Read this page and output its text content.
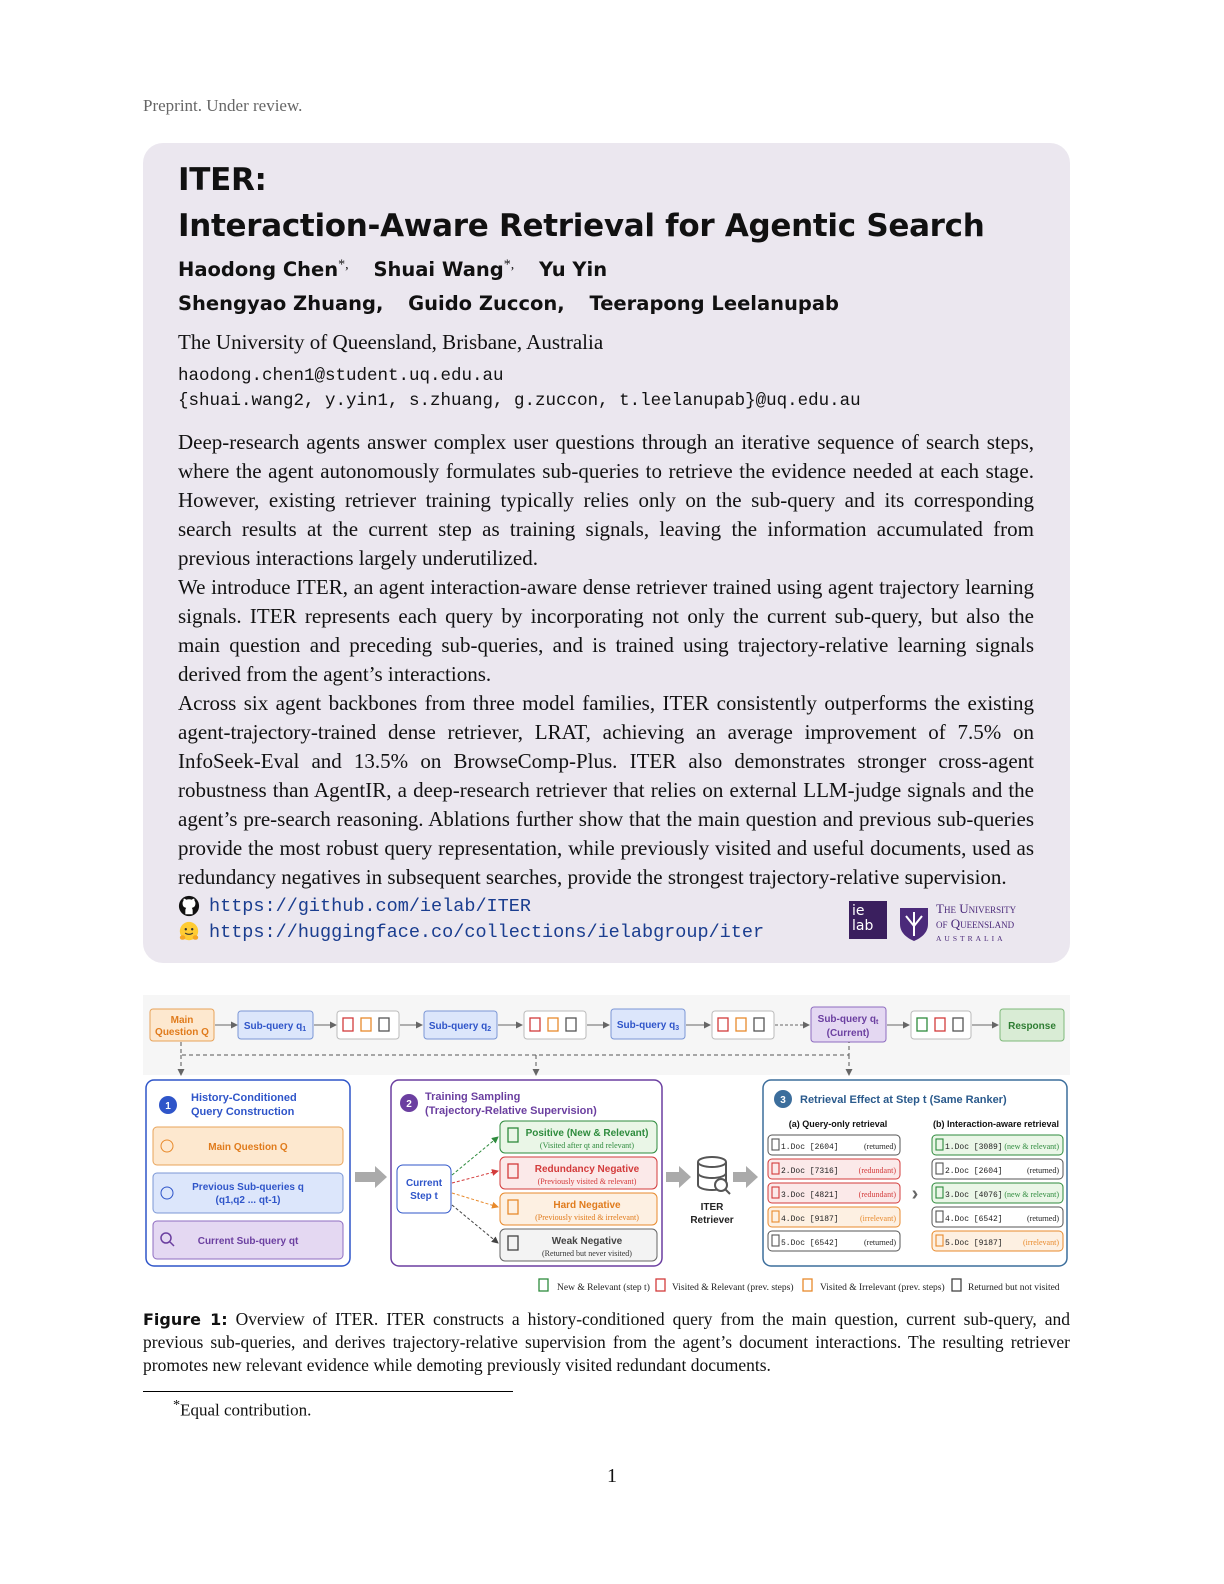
Preprint. Under review.
ITER:
Interaction-Aware Retrieval for Agentic Search
Haodong Chen*, Shuai Wang*, Yu Yin
Shengyao Zhuang, Guido Zuccon, Teerapong Leelanupab
The University of Queensland, Brisbane, Australia
haodong.chen1@student.uq.edu.au
{shuai.wang2, y.yin1, s.zhuang, g.zuccon, t.leelanupab}@uq.edu.au

Deep-research agents answer complex user questions through an iterative sequence of search steps, where the agent autonomously formulates sub-queries to retrieve the evidence needed at each stage. However, existing retriever training typically relies only on the sub-query and its corresponding search results at the current step as training signals, leaving the information accumulated from previous interactions largely underutilized.

We introduce ITER, an agent interaction-aware dense retriever trained using agent trajectory learning signals. ITER represents each query by incorporating not only the current sub-query, but also the main question and preceding sub-queries, and is trained using trajectory-relative learning signals derived from the agent’s interactions.

Across six agent backbones from three model families, ITER consistently outperforms the existing agent-trajectory-trained dense retriever, LRAT, achieving an average improvement of 7.5% on InfoSeek-Eval and 13.5% on BrowseComp-Plus. ITER also demonstrates stronger cross-agent robustness than AgentIR, a deep-research retriever that relies on external LLM-judge signals and the agent’s pre-search reasoning. Ablations further show that the main question and previous sub-queries provide the most robust query representation, while previously visited and useful documents, used as redundancy negatives in subsequent searches, provide the strongest trajectory-relative supervision.

https://github.com/ielab/ITER
https://huggingface.co/collections/ielabgroup/iter
ie
lab
The University
of Queensland
AUSTRALIA
Main
Question Q
Sub-query $q_1$	Sub-query $q_2$	Sub-query $q_3$
Sub-query $q_t$
(Current)
Response
1
History-Conditioned
Query Construction
Main Question Q
Previous Sub-queries q
(q1,q2 ... qt-1)
Current Sub-query qt
2
Training Sampling
(Trajectory-Relative Supervision)
Current
Step t
Positive (New & Relevant)
(Visited after qt and relevant)
Redundancy Negative
(Previously visited & relevant)
Hard Negative
(Previously visited & irrelevant)
Weak Negative
(Returned but never visited)
ITER
Retriever
3 Retrieval Effect at Step t (Same Ranker)
(a) Query-only retrieval	(b) Interaction-aware retrieval
1.Doc [2604]	(returned)
2.Doc [7316]	(redundant)
3.Doc [4821]	(redundant)
4.Doc [9187]	(irrelevant)
5.Doc [6542]	(returned)
1.Doc [3089] (new & relevant)
2.Doc [2604]	(returned)
3.Doc [4076] (new & relevant)
4.Doc [6542]	(returned)
5.Doc [9187]	(irrelevant)
›
New & Relevant (step t) Visited & Relevant (prev. steps)	Visited & Irrelevant (prev. steps) Returned but not visited
Figure 1: Overview of ITER. ITER constructs a history-conditioned query from the main question, current sub-query, and previous sub-queries, and derives trajectory-relative supervision from the agent’s document interactions. The resulting retriever promotes new relevant evidence while demoting previously visited redundant documents.
*Equal contribution.
1
